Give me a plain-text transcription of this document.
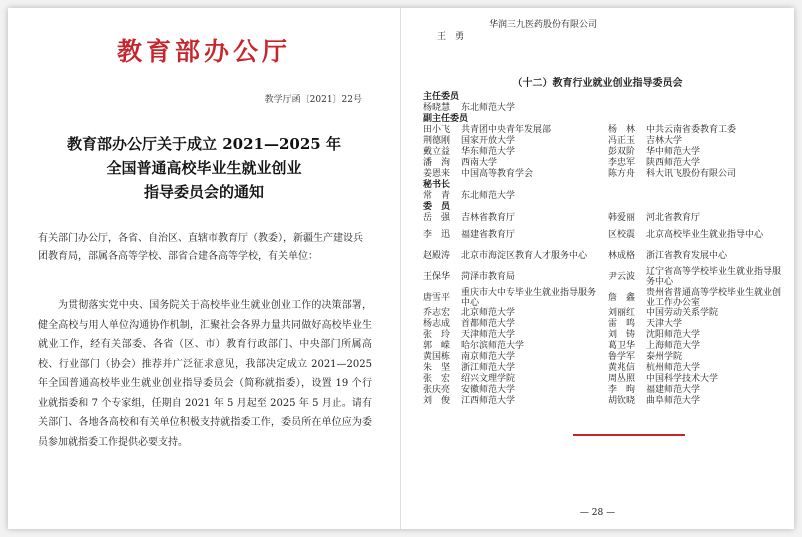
教育部办公厅
教学厅函〔2021〕22号
教育部办公厅关于成立 2021—2025 年
全国普通高校毕业生就业创业
指导委员会的通知
有关部门办公厅，各省、自治区、直辖市教育厅（教委），新疆生产建设兵团教育局，部属各高等学校、部省合建各高等学校，有关单位：
为贯彻落实党中央、国务院关于高校毕业生就业创业工作的决策部署，健全高校与用人单位沟通协作机制，汇聚社会各界力量共同做好高校毕业生就业工作，经有关部委、各省（区、市）教育行政部门、中央部门所属高校、行业部门（协会）推荐并广泛征求意见，我部决定成立 2021—2025 年全国普通高校毕业生就业创业指导委员会（简称就指委），设置 19 个行业就指委和 7 个专家组，任期自 2021 年 5 月起至 2025 年 5 月止。请有关部门、各地各高校和有关单位积极支持就指委工作，委员所在单位应为委员参加就指委工作提供必要支持。
王　勇
华润三九医药股份有限公司
（十二）教育行业就业创业指导委员会
主任委员
杨晓慧	东北师范大学
副主任委员
田小飞	共青团中央青年发展部	杨　林	中共云南省委教育工委
荆德刚	国家开放大学	冯正玉	吉林大学
戴立益	华东师范大学	彭双阶	华中师范大学
潘　洵	西南大学	李忠军	陕西师范大学
姜恩来	中国高等教育学会	陈方舟	科大讯飞股份有限公司
秘书长
常　青	东北师范大学
委　员
岳　强	吉林省教育厅	韩爱丽	河北省教育厅
李　迅	福建省教育厅	区校震	北京高校毕业生就业指导中心
赵殿涛	北京市海淀区教育人才服务中心	林成格	浙江省教育发展中心
王保华	菏泽市教育局	尹云波	辽宁省高等学校毕业生就业指导服务中心
唐雪平	重庆市大中专毕业生就业指导服务中心	詹　鑫	贵州省普通高等学校毕业生就业创业工作办公室
乔志宏	北京师范大学	刘丽红	中国劳动关系学院
杨志成	首都师范大学	雷　鸣	天津大学
张　玲	天津师范大学	刘　铸	沈阳师范大学
郭　嵘	哈尔滨师范大学	葛卫华	上海师范大学
黄国栋	南京师范大学	鲁学军	泰州学院
朱　坚	浙江师范大学	黄兆信	杭州师范大学
张　宏	绍兴文理学院	周丛照	中国科学技术大学
张庆亮	安徽师范大学	李　昫	福建师范大学
刘　俊	江西师范大学	胡钦晓	曲阜师范大学
— 28 —
